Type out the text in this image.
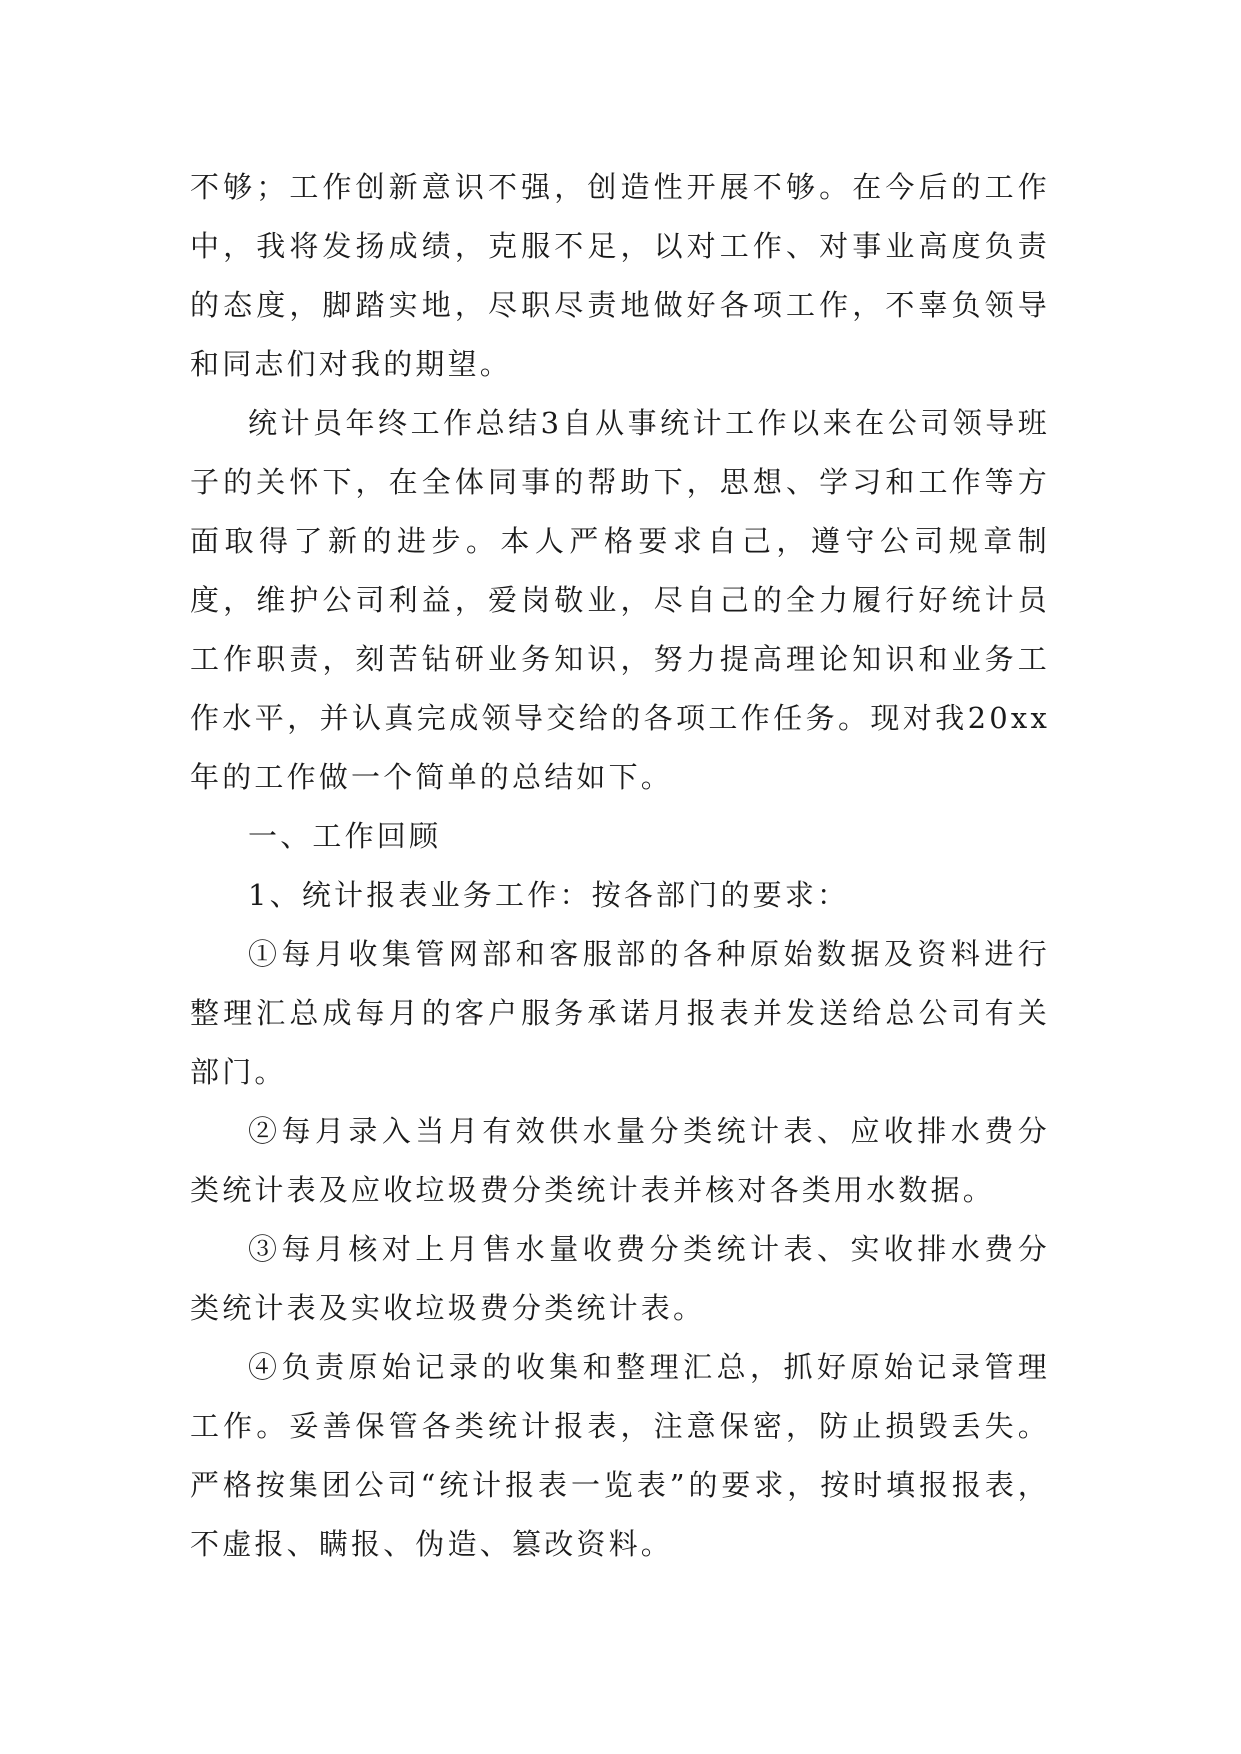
不够；工作创新意识不强，创造性开展不够。在今后的工作中，我将发扬成绩，克服不足，以对工作、对事业高度负责的态度，脚踏实地，尽职尽责地做好各项工作，不辜负领导和同志们对我的期望。

统计员年终工作总结3自从事统计工作以来在公司领导班子的关怀下，在全体同事的帮助下，思想、学习和工作等方面取得了新的进步。本人严格要求自己，遵守公司规章制度，维护公司利益，爱岗敬业，尽自己的全力履行好统计员工作职责，刻苦钻研业务知识，努力提高理论知识和业务工作水平，并认真完成领导交给的各项工作任务。现对我20xx年的工作做一个简单的总结如下。

一、工作回顾

1、统计报表业务工作：按各部门的要求：

①每月收集管网部和客服部的各种原始数据及资料进行整理汇总成每月的客户服务承诺月报表并发送给总公司有关部门。

②每月录入当月有效供水量分类统计表、应收排水费分类统计表及应收垃圾费分类统计表并核对各类用水数据。

③每月核对上月售水量收费分类统计表、实收排水费分类统计表及实收垃圾费分类统计表。

④负责原始记录的收集和整理汇总，抓好原始记录管理工作。妥善保管各类统计报表，注意保密，防止损毁丢失。严格按集团公司“统计报表一览表”的要求，按时填报报表，不虚报、瞒报、伪造、篡改资料。
